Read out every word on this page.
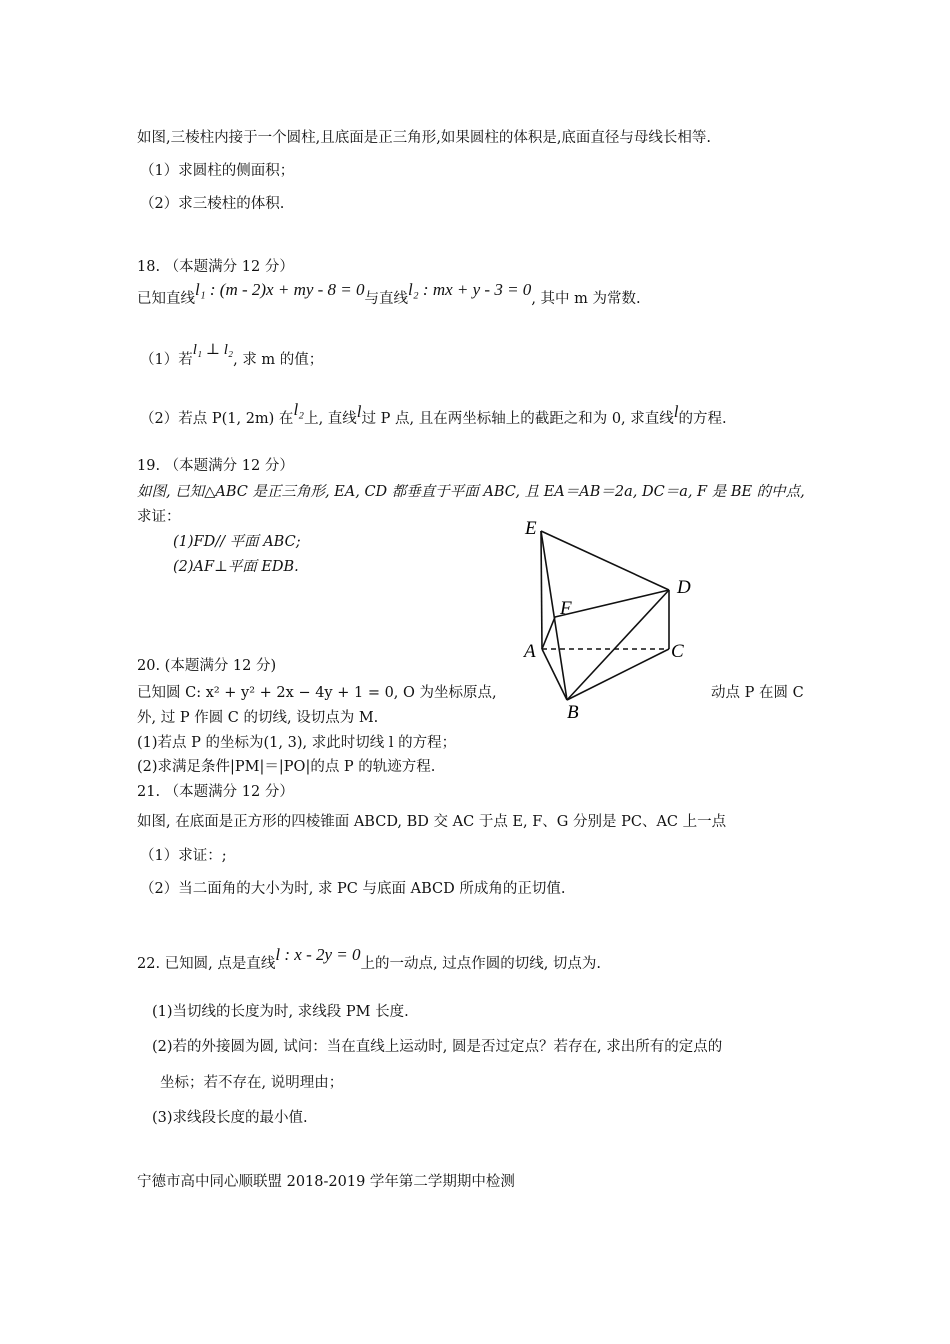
如图,三棱柱内接于一个圆柱,且底面是正三角形,如果圆柱的体积是,底面直径与母线长相等.
（1）求圆柱的侧面积；
（2）求三棱柱的体积.
18. （本题满分 12 分）
已知直线l₁ : (m - 2)x + my - 8 = 0与直线l₂ : mx + y - 3 = 0, 其中 m 为常数.
（1）若l₁ ⊥ l₂, 求 m 的值；
（2）若点 P(1, 2m) 在l₂上, 直线l过 P 点, 且在两坐标轴上的截距之和为 0, 求直线l的方程.
19. （本题满分 12 分）
如图, 已知△ABC 是正三角形, EA, CD 都垂直于平面 ABC, 且 EA＝AB＝2a, DC＝a, F 是 BE 的中点,
求证：
(1)FD// 平面 ABC;
(2)AF⊥平面 EDB.
E
D
F
A	C
B
20. (本题满分 12 分)
已知圆 C: x² + y² + 2x − 4y + 1 = 0, O 为坐标原点,	动点 P 在圆 C
外, 过 P 作圆 C 的切线, 设切点为 M.
(1)若点 P 的坐标为(1, 3), 求此时切线 l 的方程；
(2)求满足条件|PM|＝|PO|的点 P 的轨迹方程.
21. （本题满分 12 分）
如图, 在底面是正方形的四棱锥面 ABCD, BD 交 AC 于点 E, F、G 分别是 PC、AC 上一点
（1）求证：;
（2）当二面角的大小为时, 求 PC 与底面 ABCD 所成角的正切值.
22. 已知圆, 点是直线l : x - 2y = 0上的一动点, 过点作圆的切线, 切点为.
(1)当切线的长度为时, 求线段 PM 长度.
(2)若的外接圆为圆, 试问：当在直线上运动时, 圆是否过定点？若存在, 求出所有的定点的
坐标；若不存在, 说明理由；
(3)求线段长度的最小值.
宁德市高中同心顺联盟 2018-2019 学年第二学期期中检测
